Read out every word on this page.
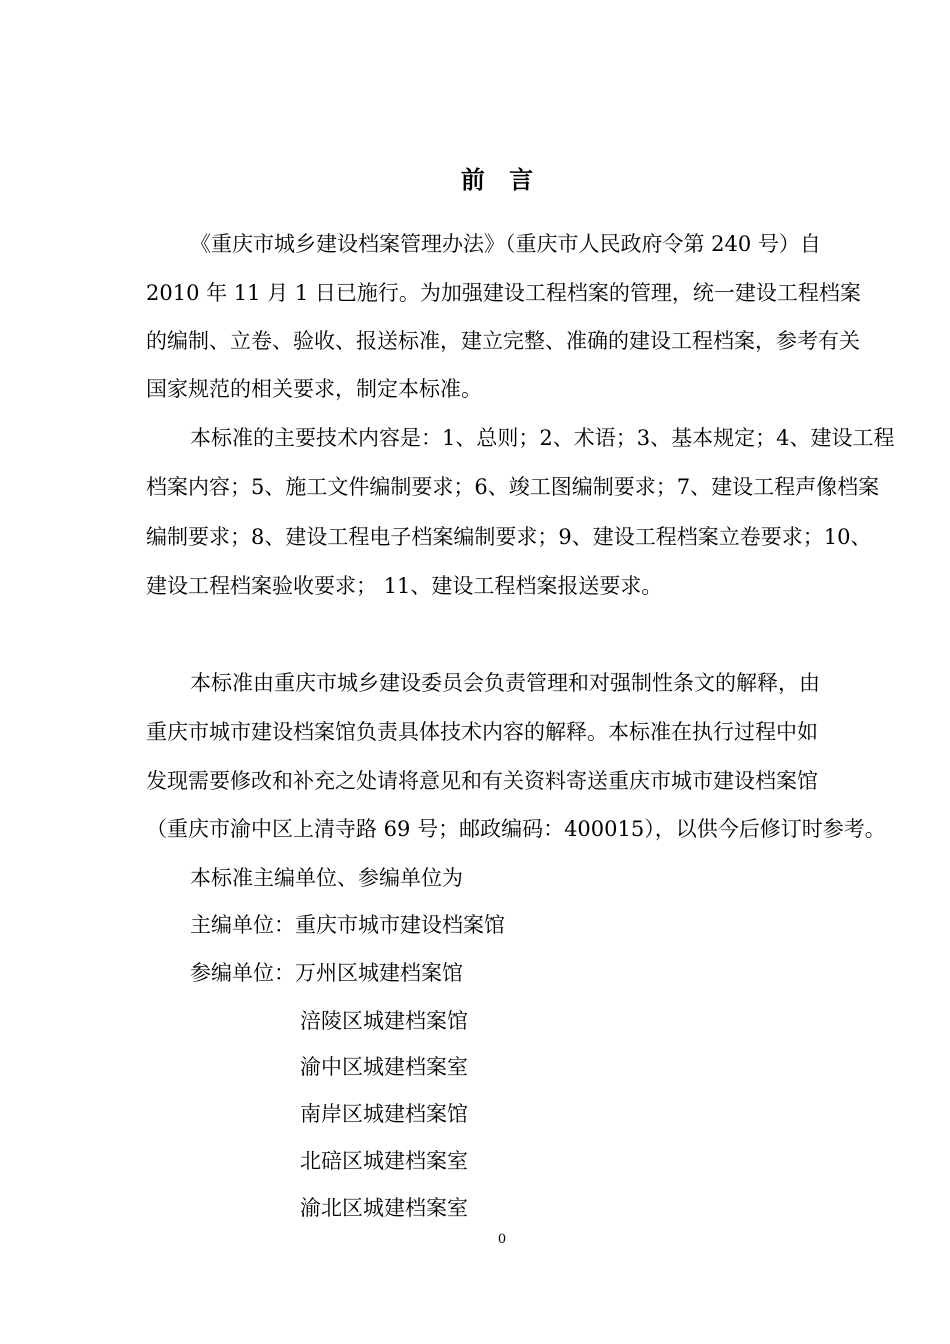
前 言
《重庆市城乡建设档案管理办法》（重庆市人民政府令第 240 号）自
2010 年 11 月 1 日已施行。为加强建设工程档案的管理，统一建设工程档案
的编制、立卷、验收、报送标准，建立完整、准确的建设工程档案，参考有关
国家规范的相关要求，制定本标准。
本标准的主要技术内容是：1、总则；2、术语；3、基本规定；4、建设工程
档案内容；5、施工文件编制要求；6、竣工图编制要求；7、建设工程声像档案
编制要求；8、建设工程电子档案编制要求；9、建设工程档案立卷要求；10、
建设工程档案验收要求； 11、建设工程档案报送要求。
本标准由重庆市城乡建设委员会负责管理和对强制性条文的解释，由
重庆市城市建设档案馆负责具体技术内容的解释。本标准在执行过程中如
发现需要修改和补充之处请将意见和有关资料寄送重庆市城市建设档案馆
（重庆市渝中区上清寺路 69 号；邮政编码：400015），以供今后修订时参考。
本标准主编单位、参编单位为
主编单位：重庆市城市建设档案馆
参编单位：万州区城建档案馆
涪陵区城建档案馆
渝中区城建档案室
南岸区城建档案馆
北碚区城建档案室
渝北区城建档案室
0
